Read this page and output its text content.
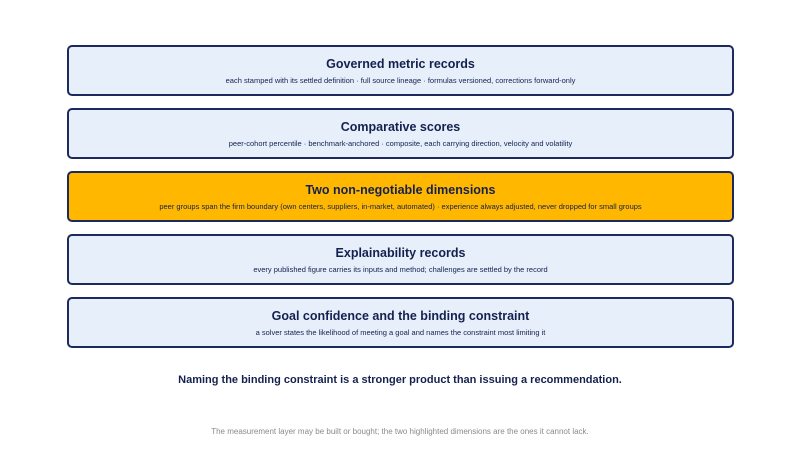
Governed metric records
each stamped with its settled definition · full source lineage · formulas versioned, corrections forward-only
Comparative scores
peer-cohort percentile · benchmark-anchored · composite, each carrying direction, velocity and volatility
Two non-negotiable dimensions
peer groups span the firm boundary (own centers, suppliers, in-market, automated) · experience always adjusted, never dropped for small groups
Explainability records
every published figure carries its inputs and method; challenges are settled by the record
Goal confidence and the binding constraint
a solver states the likelihood of meeting a goal and names the constraint most limiting it
Naming the binding constraint is a stronger product than issuing a recommendation.
The measurement layer may be built or bought; the two highlighted dimensions are the ones it cannot lack.
